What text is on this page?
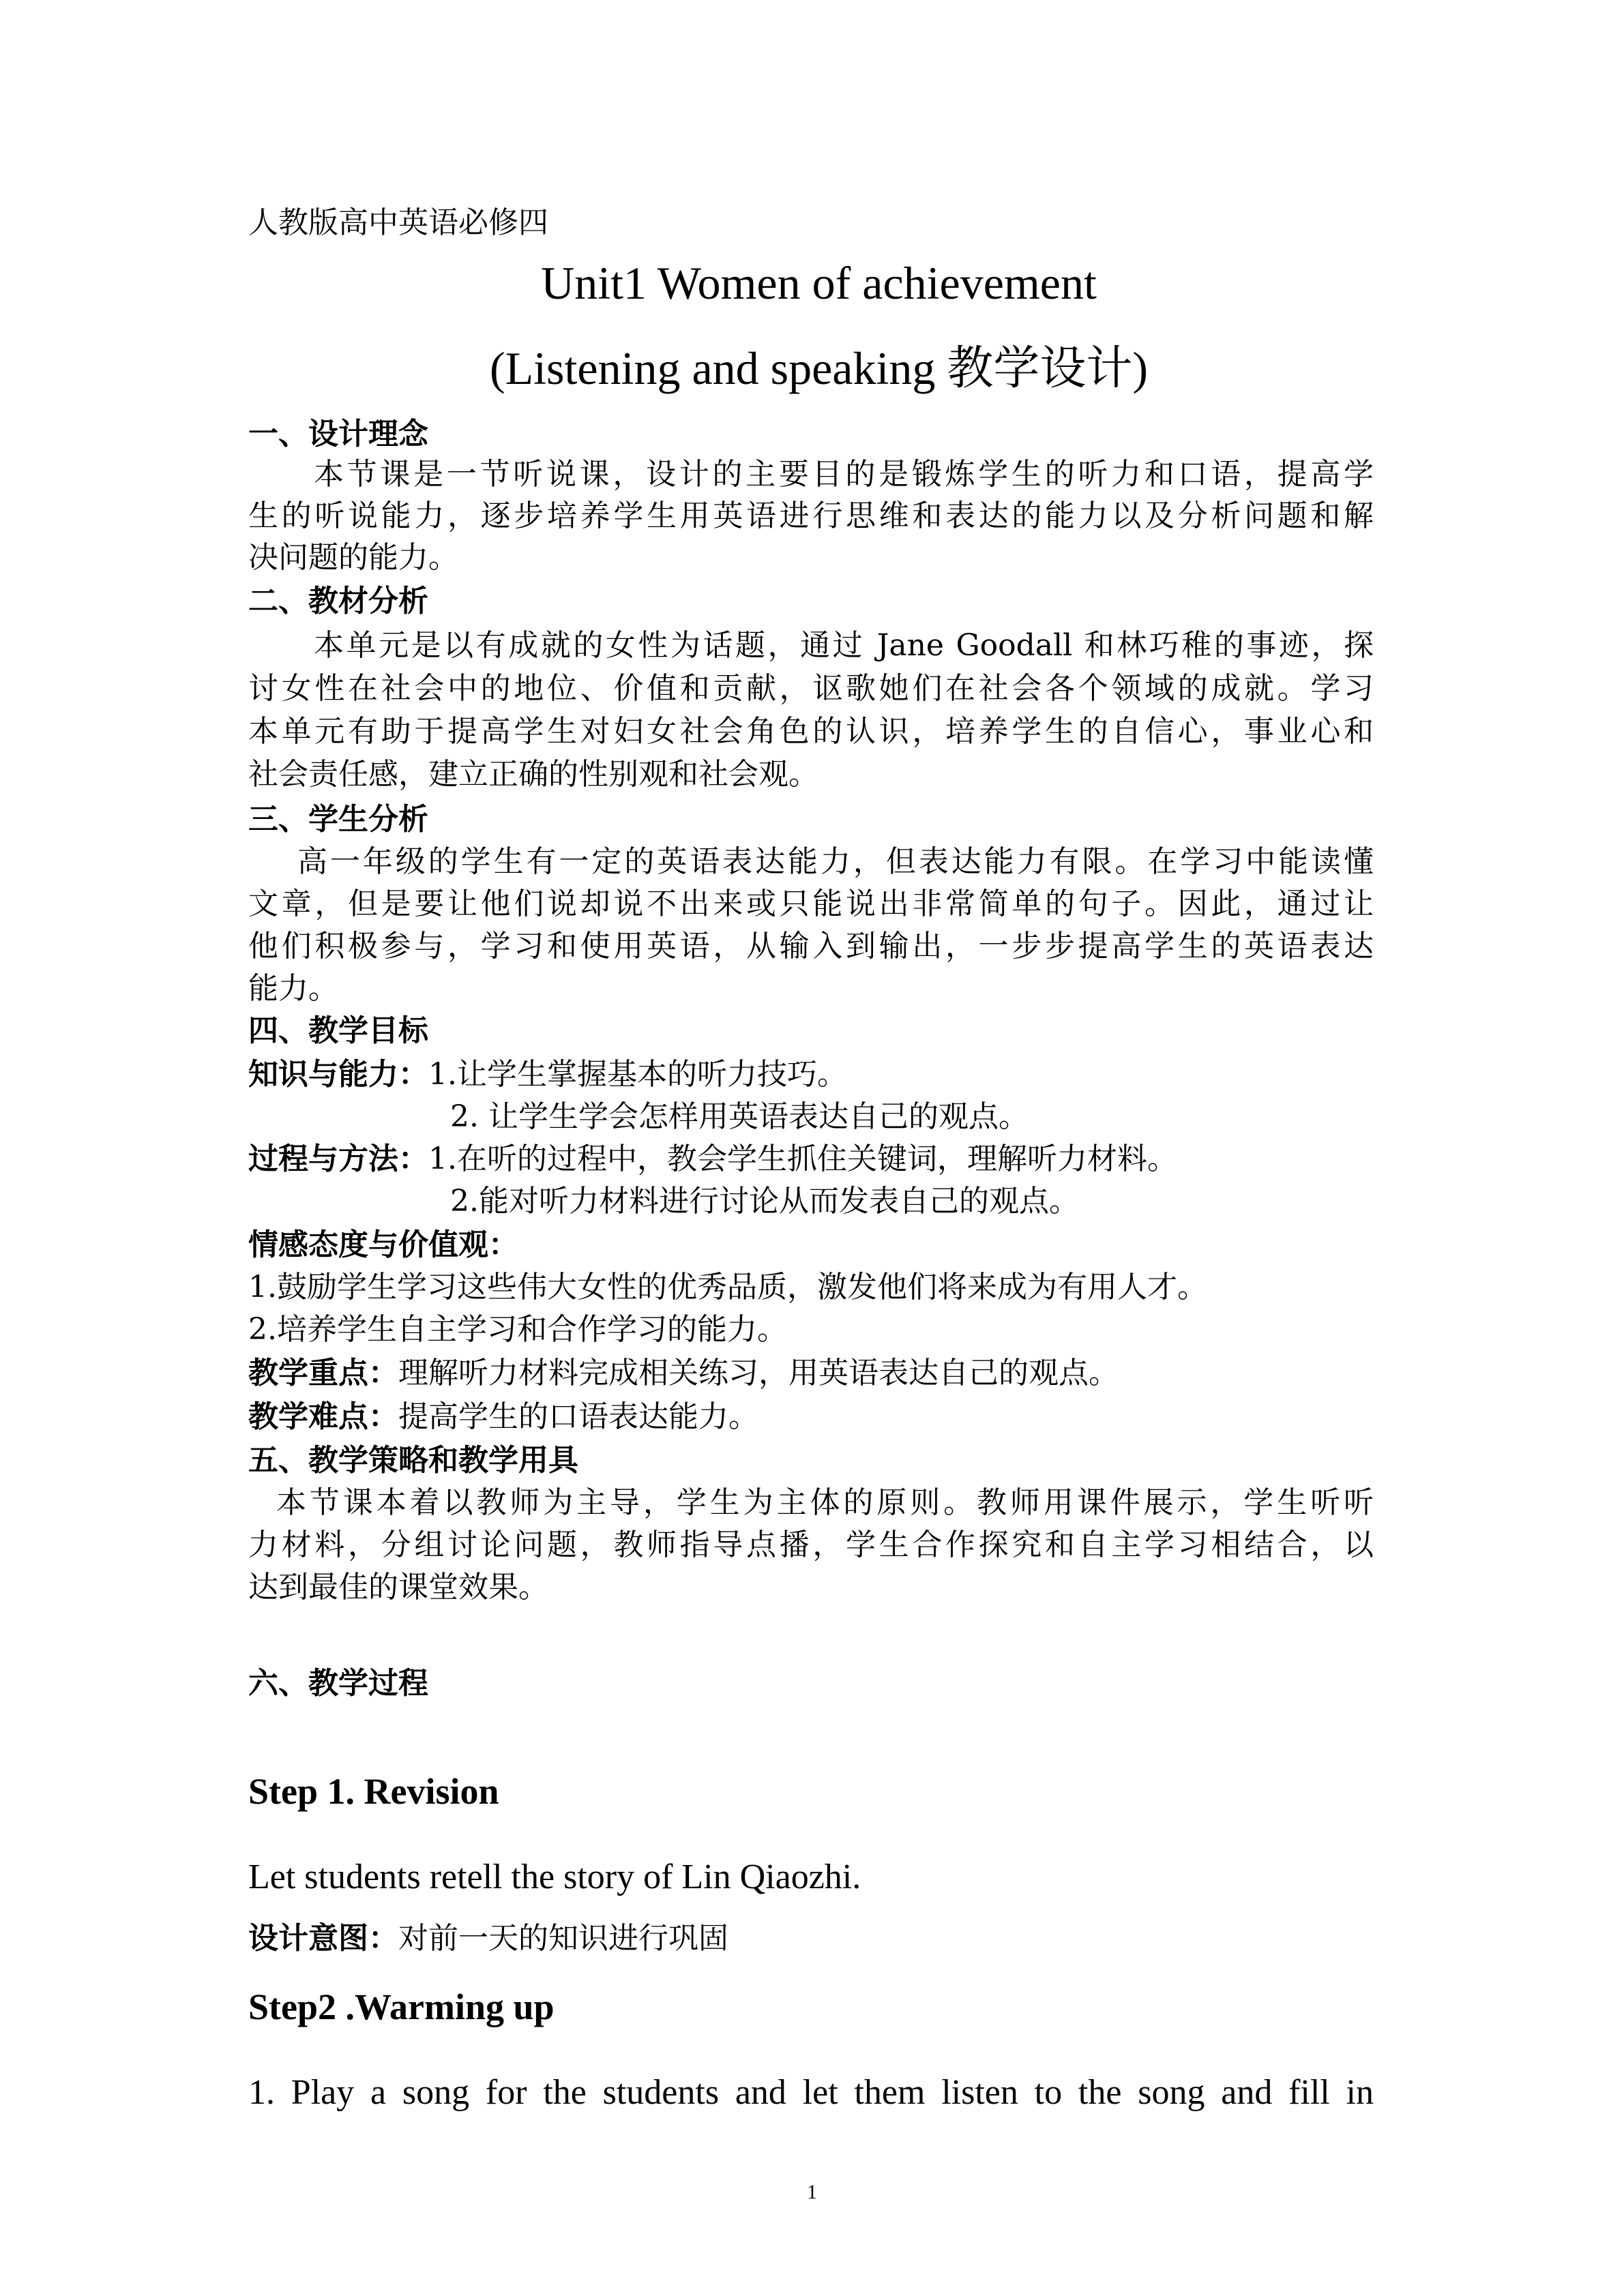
人教版高中英语必修四
Unit1 Women of achievement
(Listening and speaking 教学设计)
一、设计理念
本节课是一节听说课，设计的主要目的是锻炼学生的听力和口语，提高学
生的听说能力，逐步培养学生用英语进行思维和表达的能力以及分析问题和解
决问题的能力。
二、教材分析
本单元是以有成就的女性为话题，通过 Jane Goodall 和林巧稚的事迹，探
讨女性在社会中的地位、价值和贡献，讴歌她们在社会各个领域的成就。学习
本单元有助于提高学生对妇女社会角色的认识，培养学生的自信心，事业心和
社会责任感，建立正确的性别观和社会观。
三、学生分析
高一年级的学生有一定的英语表达能力，但表达能力有限。在学习中能读懂
文章，但是要让他们说却说不出来或只能说出非常简单的句子。因此，通过让
他们积极参与，学习和使用英语，从输入到输出，一步步提高学生的英语表达
能力。
四、教学目标
知识与能力：1.让学生掌握基本的听力技巧。
2. 让学生学会怎样用英语表达自己的观点。
过程与方法：1.在听的过程中，教会学生抓住关键词，理解听力材料。
2.能对听力材料进行讨论从而发表自己的观点。
情感态度与价值观：
1.鼓励学生学习这些伟大女性的优秀品质，激发他们将来成为有用人才。
2.培养学生自主学习和合作学习的能力。
教学重点：理解听力材料完成相关练习，用英语表达自己的观点。
教学难点：提高学生的口语表达能力。
五、教学策略和教学用具
本节课本着以教师为主导，学生为主体的原则。教师用课件展示，学生听听
力材料，分组讨论问题，教师指导点播，学生合作探究和自主学习相结合，以
达到最佳的课堂效果。
六、教学过程
Step 1. Revision
Let students retell the story of Lin Qiaozhi.
设计意图：对前一天的知识进行巩固
Step2 .Warming up
1. Play a song for the students and let them listen to the song and fill in
1
